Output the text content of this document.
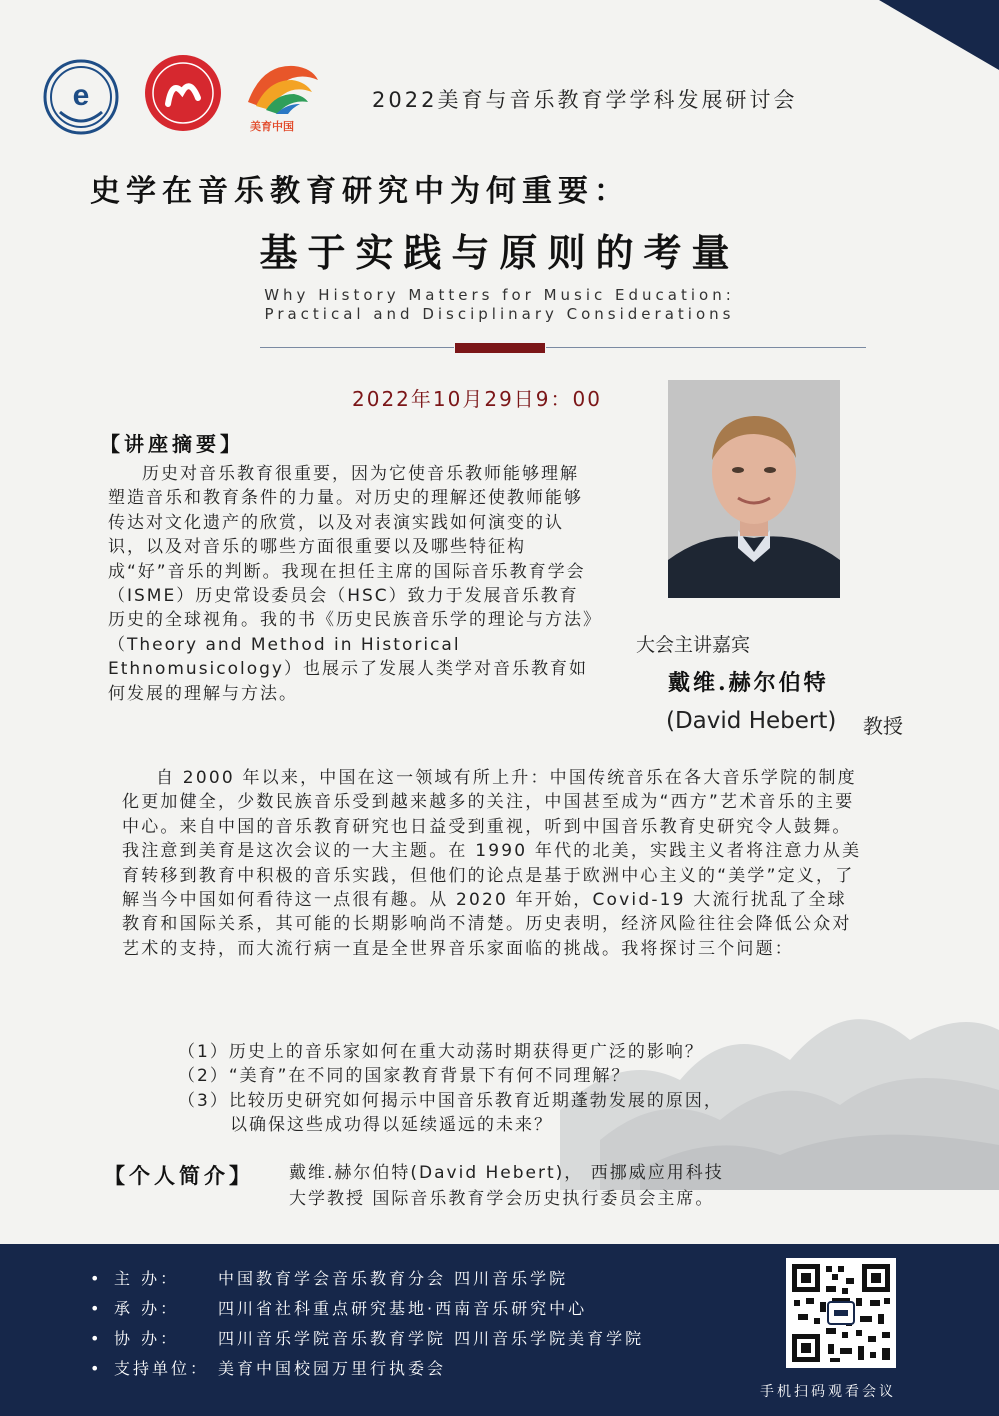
e
美育中国
2022美育与音乐教育学学科发展研讨会
史学在音乐教育研究中为何重要：
基于实践与原则的考量
Why History Matters for Music Education:
Practical and Disciplinary Considerations
2022年10月29日9：00
【讲座摘要】
历史对音乐教育很重要，因为它使音乐教师能够理解塑造音乐和教育条件的力量。对历史的理解还使教师能够传达对文化遗产的欣赏，以及对表演实践如何演变的认识，以及对音乐的哪些方面很重要以及哪些特征构成“好”音乐的判断。我现在担任主席的国际音乐教育学会（ISME）历史常设委员会（HSC）致力于发展音乐教育历史的全球视角。我的书《历史民族音乐学的理论与方法》（Theory and Method in Historical Ethnomusicology）也展示了发展人类学对音乐教育如何发展的理解与方法。
大会主讲嘉宾
戴维.赫尔伯特
(David Hebert) 教授
自 2000 年以来，中国在这一领域有所上升：中国传统音乐在各大音乐学院的制度化更加健全，少数民族音乐受到越来越多的关注，中国甚至成为“西方”艺术音乐的主要中心。来自中国的音乐教育研究也日益受到重视，听到中国音乐教育史研究令人鼓舞。我注意到美育是这次会议的一大主题。在 1990 年代的北美，实践主义者将注意力从美育转移到教育中积极的音乐实践，但他们的论点是基于欧洲中心主义的“美学”定义，了解当今中国如何看待这一点很有趣。从 2020 年开始，Covid-19 大流行扰乱了全球教育和国际关系，其可能的长期影响尚不清楚。历史表明，经济风险往往会降低公众对艺术的支持，而大流行病一直是全世界音乐家面临的挑战。我将探讨三个问题：
（1）历史上的音乐家如何在重大动荡时期获得更广泛的影响？
（2）“美育”在不同的国家教育背景下有何不同理解？
（3）比较历史研究如何揭示中国音乐教育近期蓬勃发展的原因，
以确保这些成功得以延续遥远的未来？
【个人简介】 戴维.赫尔伯特(David Hebert)， 西挪威应用科技
大学教授 国际音乐教育学会历史执行委员会主席。
• 主 办： 中国教育学会音乐教育分会 四川音乐学院
• 承 办： 四川省社科重点研究基地·西南音乐研究中心
• 协 办： 四川音乐学院音乐教育学院 四川音乐学院美育学院
• 支持单位： 美育中国校园万里行执委会
手机扫码观看会议
